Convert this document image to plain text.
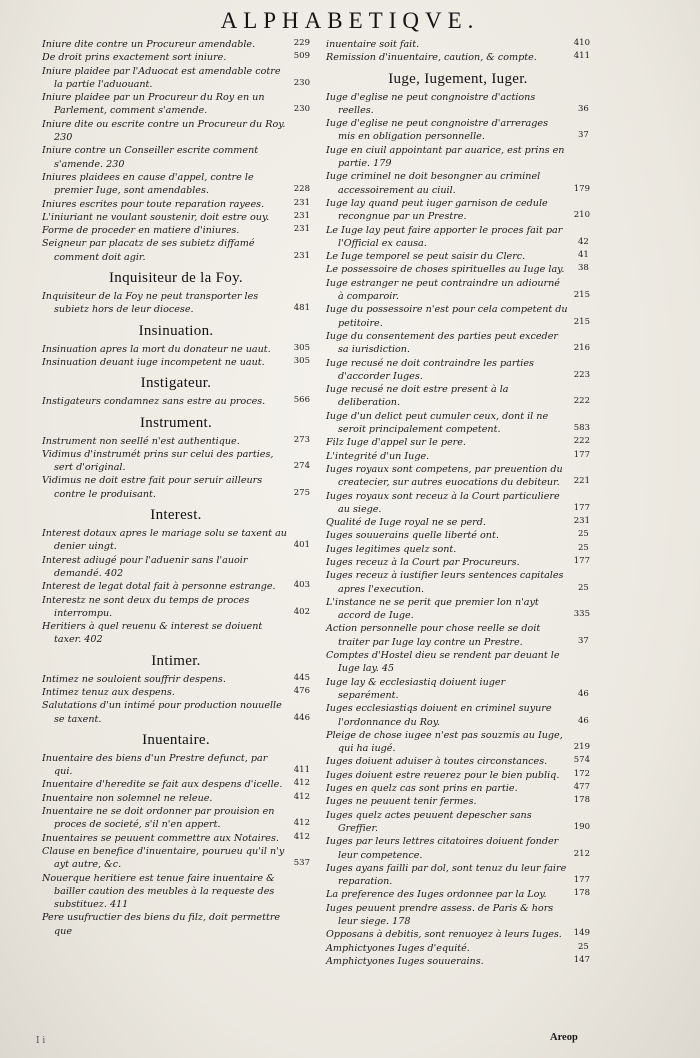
ALPHABETIQVE.

Iniure dite contre un Procureur amendable.	229

De droit prins exactement sort iniure.	509

Iniure plaidee par l'Aduocat est amendable cotre la partie l'aduouant.	230

Iniure plaidee par un Procureur du Roy en un Parlement, comment s'amende.	230

Iniure dite ou escrite contre un Procureur du Roy. 230

Iniure contre un Conseiller escrite comment s'amende. 230

Iniures plaidees en cause d'appel, contre le premier Iuge, sont amendables.	228

Iniures escrites pour toute reparation rayees.	231

L'iniuriant ne voulant soustenir, doit estre ouy.	231

Forme de proceder en matiere d'iniures.	231

Seigneur par placatz de ses subietz diffamé comment doit agir.	231

Inquisiteur de la Foy.

Inquisiteur de la Foy ne peut transporter les subietz hors de leur diocese.	481

Insinuation.

Insinuation apres la mort du donateur ne uaut.	305

Insinuation deuant iuge incompetent ne uaut.	305

Instigateur.

Instigateurs condamnez sans estre au proces.	566

Instrument.

Instrument non seellé n'est authentique.	273

Vidimus d'instrumét prins sur celui des parties, sert d'original.	274

Vidimus ne doit estre fait pour seruir ailleurs contre le produisant.	275

Interest.

Interest dotaux apres le mariage solu se taxent au denier uingt.	401

Interest adiugé pour l'aduenir sans l'auoir demandé. 402

Interest de legat dotal fait à personne estrange. 403

Interestz ne sont deux du temps de proces interrompu.	402

Heritiers à quel reuenu & interest se doiuent taxer. 402

Intimer.

Intimez ne souloient souffrir despens.	445

Intimez tenuz aux despens.	476

Salutations d'un intimé pour production nouuelle se taxent.	446

Inuentaire.

Inuentaire des biens d'un Prestre defunct, par qui.	411

Inuentaire d'heredite se fait aux despens d'icelle. 412

Inuentaire non solemnel ne releue.	412

Inuentaire ne se doit ordonner par prouision en proces de societé, s'il n'en appert.	412

Inuentaires se peuuent commettre aux Notaires. 412

Clause en benefice d'inuentaire, pourueu qu'il n'y ayt autre, &c.	537

Nouerque heritiere est tenue faire inuentaire & bailler caution des meubles à la requeste des substituez. 411

Pere usufructier des biens du filz, doit permettre que

inuentaire soit fait.	410

Remission d'inuentaire, caution, & compte.	411

Iuge, Iugement, Iuger.

Iuge d'eglise ne peut congnoistre d'actions reelles.	36

Iuge d'eglise ne peut congnoistre d'arrerages mis en obligation personnelle.	37

Iuge en ciuil appointant par auarice, est prins en partie. 179

Iuge criminel ne doit besongner au criminel accessoirement au ciuil.	179

Iuge lay quand peut iuger garnison de cedule recongnue par un Prestre.	210

Le Iuge lay peut faire apporter le proces fait par l'Official ex causa.	42

Le Iuge temporel se peut saisir du Clerc.	41

Le possessoire de choses spirituelles au Iuge lay. 38

Iuge estranger ne peut contraindre un adiourné à comparoir.	215

Iuge du possessoire n'est pour cela competent du petitoire.	215

Iuge du consentement des parties peut exceder sa iurisdiction.	216

Iuge recusé ne doit contraindre les parties d'accorder Iuges.	223

Iuge recusé ne doit estre present à la deliberation.	222

Iuge d'un delict peut cumuler ceux, dont il ne seroit principalement competent.	583

Filz Iuge d'appel sur le pere.	222

L'integrité d'un Iuge.	177

Iuges royaux sont competens, par preuention du createcier, sur autres euocations du debiteur. 221

Iuges royaux sont receuz à la Court particuliere au siege.	177

Qualité de Iuge royal ne se perd.	231

Iuges souuerains quelle liberté ont.	25

Iuges legitimes quelz sont.	25

Iuges receuz à la Court par Procureurs.	177

Iuges receuz à iustifier leurs sentences capitales apres l'execution.	25

L'instance ne se perit que premier lon n'ayt accord de Iuge.	335

Action personnelle pour chose reelle se doit traiter par Iuge lay contre un Prestre.	37

Comptes d'Hostel dieu se rendent par deuant le Iuge lay. 45

Iuge lay & ecclesiastiq doiuent iuger separément.	46

Iuges ecclesiastiqs doiuent en criminel suyure l'ordonnance du Roy.	46

Pleige de chose iugee n'est pas souzmis au Iuge, qui ha iugé.	219

Iuges doiuent aduiser à toutes circonstances.	574

Iuges doiuent estre reuerez pour le bien publiq. 172

Iuges en quelz cas sont prins en partie.	477

Iuges ne peuuent tenir fermes.	178

Iuges quelz actes peuuent depescher sans Greffier.	190

Iuges par leurs lettres citatoires doiuent fonder leur competence.	212

Iuges ayans failli par dol, sont tenuz du leur faire reparation.	177

La preference des Iuges ordonnee par la Loy.	178

Iuges peuuent prendre assess. de Paris & hors leur siege. 178

Opposans à debitis, sont renuoyez à leurs Iuges. 149

Amphictyones Iuges d'equité.	25

Amphictyones Iuges souuerains.	147

I i	Areop
